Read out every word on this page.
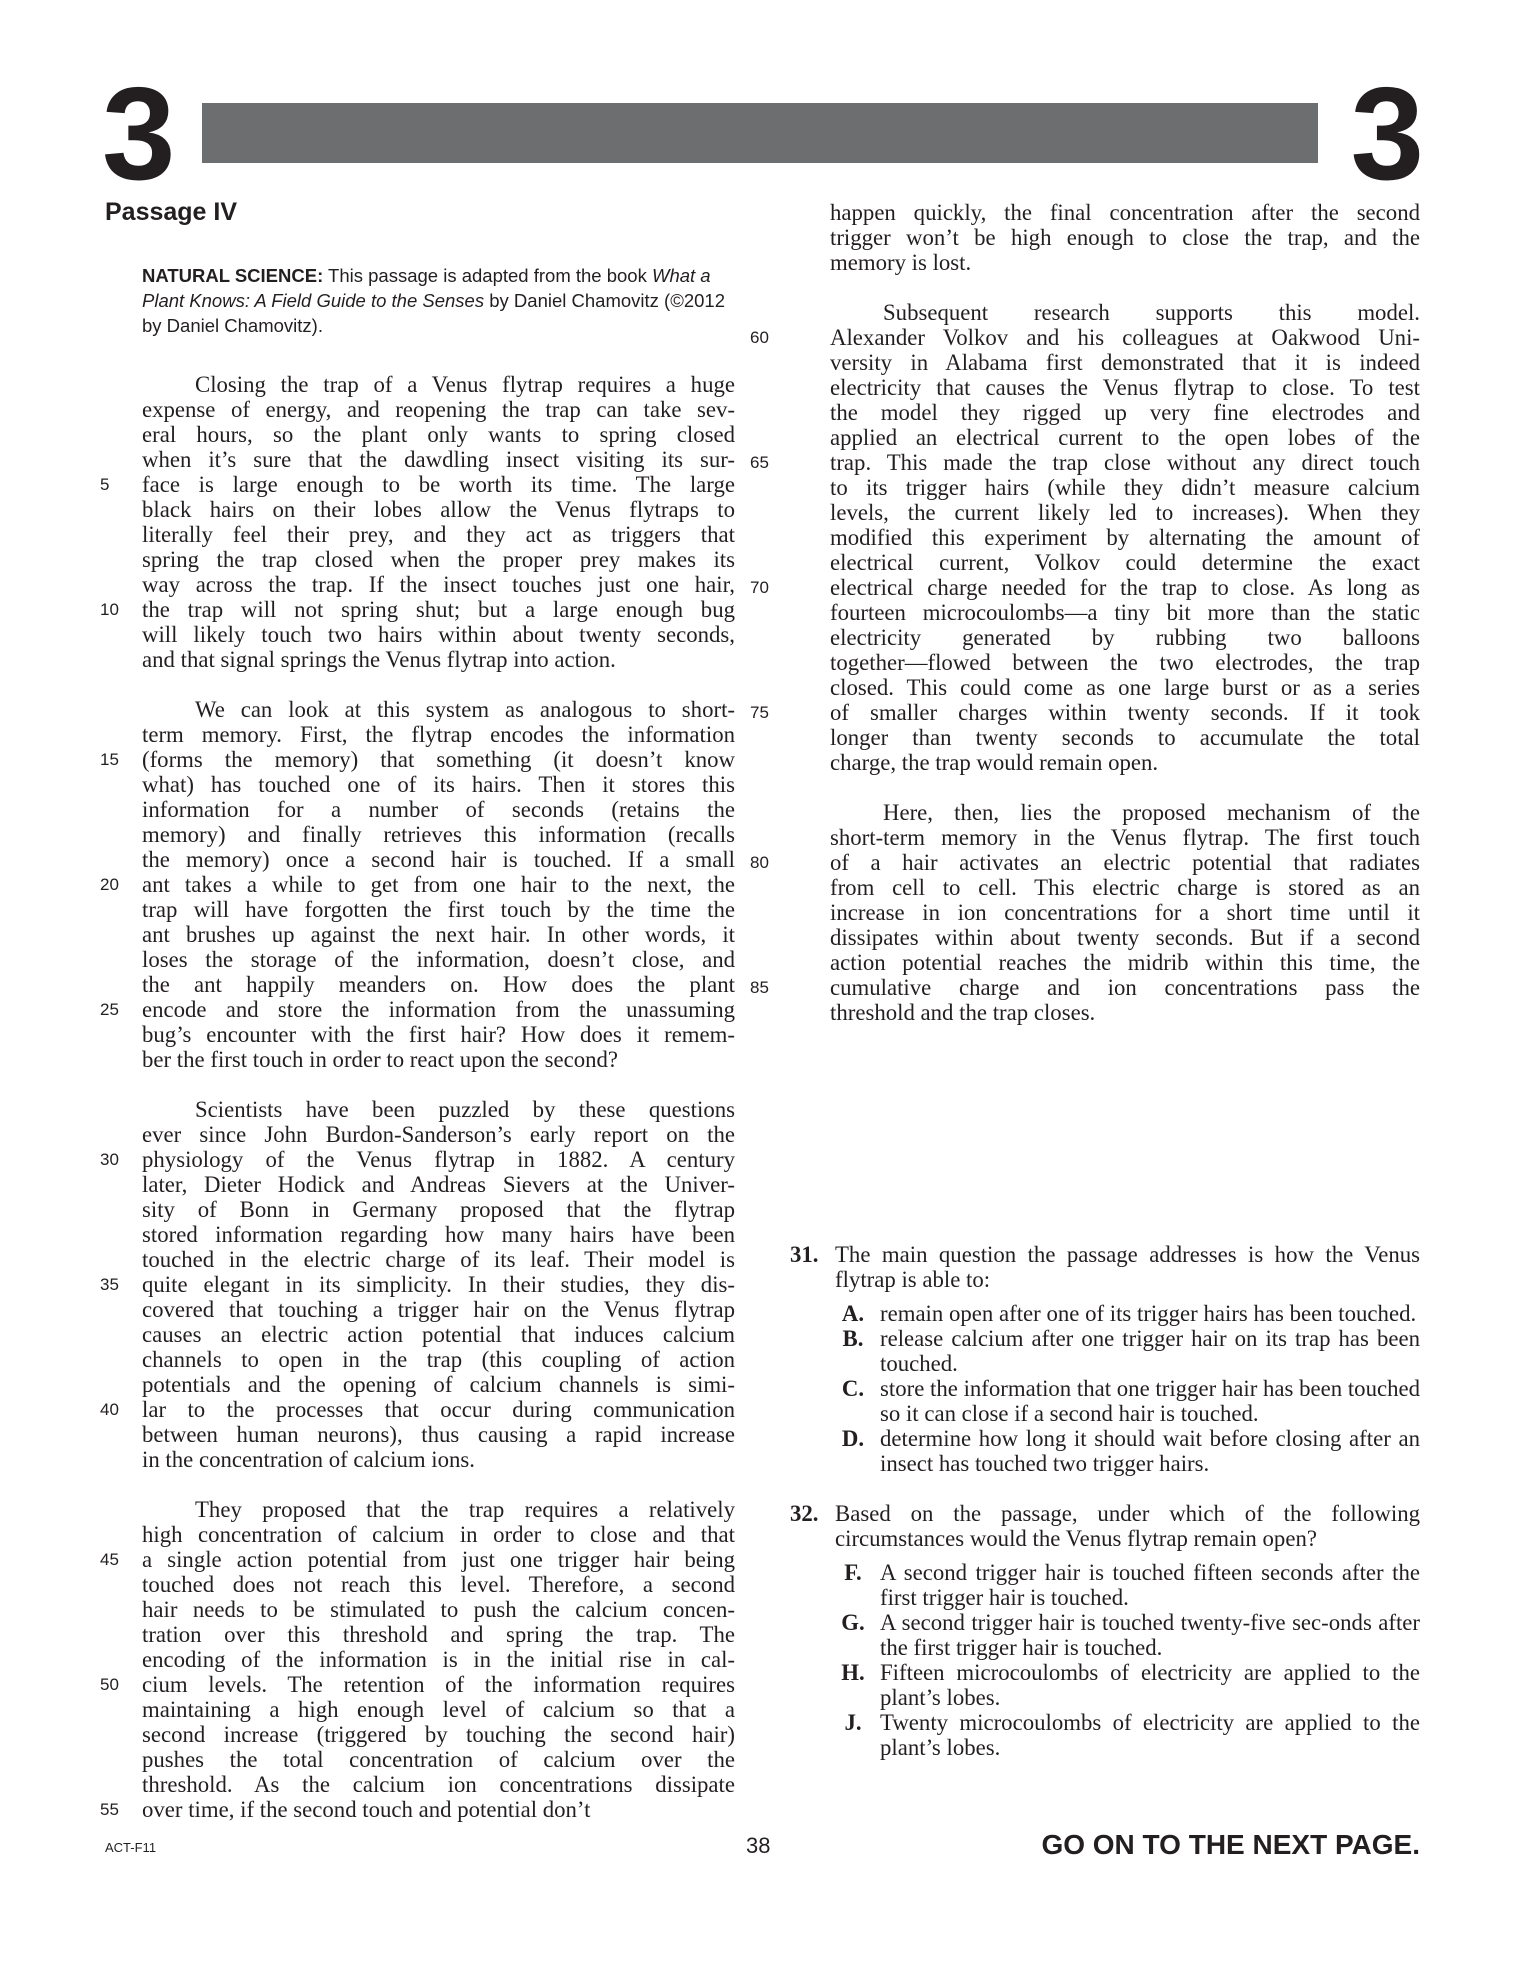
3	3
Passage IV
NATURAL SCIENCE: This passage is adapted from the book What a Plant Knows: A Field Guide to the Senses by Daniel Chamovitz (©2012 by Daniel Chamovitz).
Closing the trap of a Venus flytrap requires a huge
expense of energy, and reopening the trap can take sev-
eral hours, so the plant only wants to spring closed
when it’s sure that the dawdling insect visiting its sur-
5	face is large enough to be worth its time. The large
black hairs on their lobes allow the Venus flytraps to
literally feel their prey, and they act as triggers that
spring the trap closed when the proper prey makes its
way across the trap. If the insect touches just one hair,
10	the trap will not spring shut; but a large enough bug
will likely touch two hairs within about twenty seconds,
and that signal springs the Venus flytrap into action.
We can look at this system as analogous to short-
term memory. First, the flytrap encodes the information
15	(forms the memory) that something (it doesn’t know
what) has touched one of its hairs. Then it stores this
information for a number of seconds (retains the
memory) and finally retrieves this information (recalls
the memory) once a second hair is touched. If a small
20	ant takes a while to get from one hair to the next, the
trap will have forgotten the first touch by the time the
ant brushes up against the next hair. In other words, it
loses the storage of the information, doesn’t close, and
the ant happily meanders on. How does the plant
25	encode and store the information from the unassuming
bug’s encounter with the first hair? How does it remem-
ber the first touch in order to react upon the second?
Scientists have been puzzled by these questions
ever since John Burdon-Sanderson’s early report on the
30	physiology of the Venus flytrap in 1882. A century
later, Dieter Hodick and Andreas Sievers at the Univer-
sity of Bonn in Germany proposed that the flytrap
stored information regarding how many hairs have been
touched in the electric charge of its leaf. Their model is
35	quite elegant in its simplicity. In their studies, they dis-
covered that touching a trigger hair on the Venus flytrap
causes an electric action potential that induces calcium
channels to open in the trap (this coupling of action
potentials and the opening of calcium channels is simi-
40	lar to the processes that occur during communication
between human neurons), thus causing a rapid increase
in the concentration of calcium ions.
They proposed that the trap requires a relatively
high concentration of calcium in order to close and that
45	a single action potential from just one trigger hair being
touched does not reach this level. Therefore, a second
hair needs to be stimulated to push the calcium concen-
tration over this threshold and spring the trap. The
encoding of the information is in the initial rise in cal-
50	cium levels. The retention of the information requires
maintaining a high enough level of calcium so that a
second increase (triggered by touching the second hair)
pushes the total concentration of calcium over the
threshold. As the calcium ion concentrations dissipate
55	over time, if the second touch and potential don’t
happen quickly, the final concentration after the second
trigger won’t be high enough to close the trap, and the
memory is lost.
Subsequent research supports this model.
60	Alexander Volkov and his colleagues at Oakwood Uni-
versity in Alabama first demonstrated that it is indeed
electricity that causes the Venus flytrap to close. To test
the model they rigged up very fine electrodes and
applied an electrical current to the open lobes of the
65	trap. This made the trap close without any direct touch
to its trigger hairs (while they didn’t measure calcium
levels, the current likely led to increases). When they
modified this experiment by alternating the amount of
electrical current, Volkov could determine the exact
70	electrical charge needed for the trap to close. As long as
fourteen microcoulombs—a tiny bit more than the static
electricity generated by rubbing two balloons
together—flowed between the two electrodes, the trap
closed. This could come as one large burst or as a series
75	of smaller charges within twenty seconds. If it took
longer than twenty seconds to accumulate the total
charge, the trap would remain open.
Here, then, lies the proposed mechanism of the
short-term memory in the Venus flytrap. The first touch
80	of a hair activates an electric potential that radiates
from cell to cell. This electric charge is stored as an
increase in ion concentrations for a short time until it
dissipates within about twenty seconds. But if a second
action potential reaches the midrib within this time, the
85	cumulative charge and ion concentrations pass the
threshold and the trap closes.
31. The main question the passage addresses is how the Venus flytrap is able to:
A. remain open after one of its trigger hairs has been touched.
B. release calcium after one trigger hair on its trap has been touched.
C. store the information that one trigger hair has been touched so it can close if a second hair is touched.
D. determine how long it should wait before closing after an insect has touched two trigger hairs.
32. Based on the passage, under which of the following circumstances would the Venus flytrap remain open?
F. A second trigger hair is touched fifteen seconds after the first trigger hair is touched.
G. A second trigger hair is touched twenty-five sec-onds after the first trigger hair is touched.
H. Fifteen microcoulombs of electricity are applied to the plant’s lobes.
J. Twenty microcoulombs of electricity are applied to the plant’s lobes.
ACT-F11	38	GO ON TO THE NEXT PAGE.
